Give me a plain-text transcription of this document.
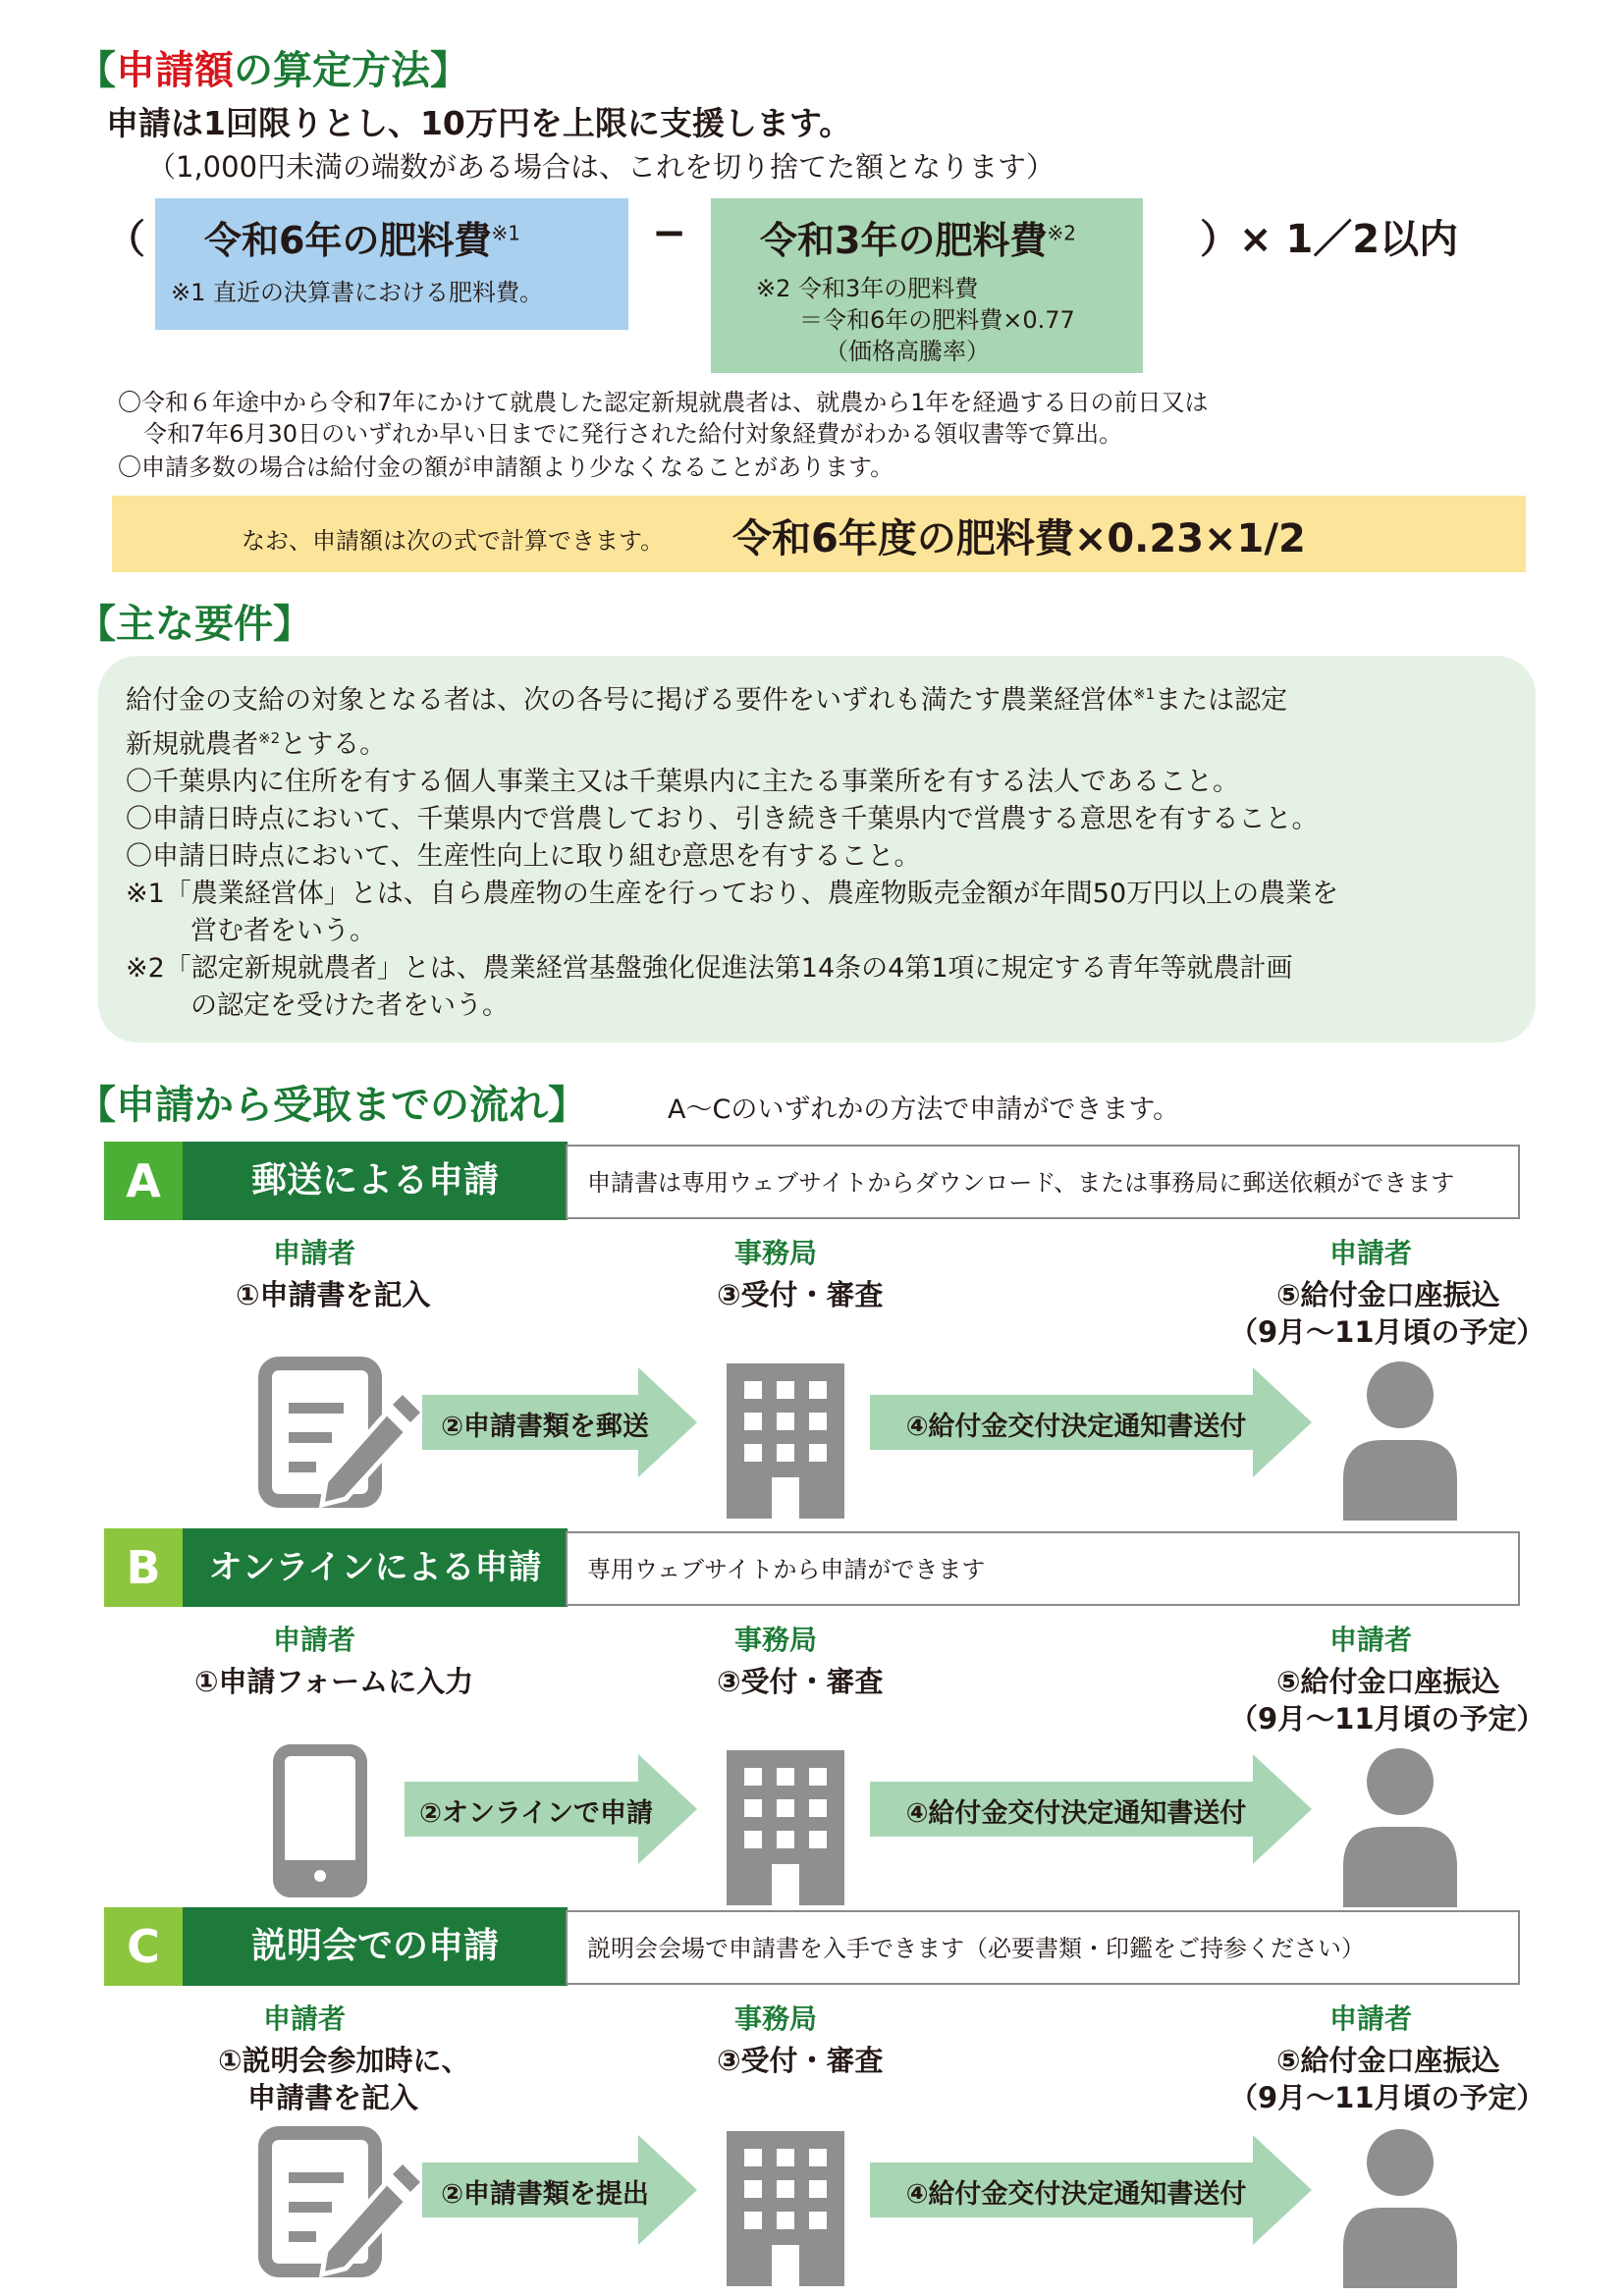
【申請額の算定方法】
申請は1回限りとし、10万円を上限に支援します。
（1,000円未満の端数がある場合は、これを切り捨てた額となります）
（ 令和6年の肥料費$^{※1}$
※1 直近の決算書における肥料費。
− 令和3年の肥料費$^{※2}$
※2 令和3年の肥料費
＝令和6年の肥料費×0.77
（価格高騰率）
）× 1／2以内
〇令和６年途中から令和7年にかけて就農した認定新規就農者は、就農から1年を経過する日の前日又は
令和7年6月30日のいずれか早い日までに発行された給付対象経費がわかる領収書等で算出。
〇申請多数の場合は給付金の額が申請額より少なくなることがあります。
なお、申請額は次の式で計算できます。 令和6年度の肥料費×0.23×1/2
【主な要件】

給付金の支給の対象となる者は、次の各号に掲げる要件をいずれも満たす農業経営体$^{※1}$または認定

新規就農者$^{※2}$とする。

〇千葉県内に住所を有する個人事業主又は千葉県内に主たる事業所を有する法人であること。

〇申請日時点において、千葉県内で営農しており、引き続き千葉県内で営農する意思を有すること。

〇申請日時点において、生産性向上に取り組む意思を有すること。

※1「農業経営体」とは、自ら農産物の生産を行っており、農産物販売金額が年間50万円以上の農業を

営む者をいう。

※2「認定新規就農者」とは、農業経営基盤強化促進法第14条の4第1項に規定する青年等就農計画

の認定を受けた者をいう。

【申請から受取までの流れ】	A〜Cのいずれかの方法で申請ができます。
A	郵送による申請	申請書は専用ウェブサイトからダウンロード、または事務局に郵送依頼ができます
申請者
①申請書を記入
事務局
③受付・審査
申請者
⑤給付金口座振込
（9月〜11月頃の予定）
②申請書類を郵送	④給付金交付決定通知書送付
B	オンラインによる申請	専用ウェブサイトから申請ができます
申請者
①申請フォームに入力
事務局
③受付・審査
申請者
⑤給付金口座振込
（9月〜11月頃の予定）
②オンラインで申請	④給付金交付決定通知書送付
C	説明会での申請	説明会会場で申請書を入手できます（必要書類・印鑑をご持参ください）
申請者
①説明会参加時に、
申請書を記入
事務局
③受付・審査
申請者
⑤給付金口座振込
（9月〜11月頃の予定）
②申請書類を提出	④給付金交付決定通知書送付
